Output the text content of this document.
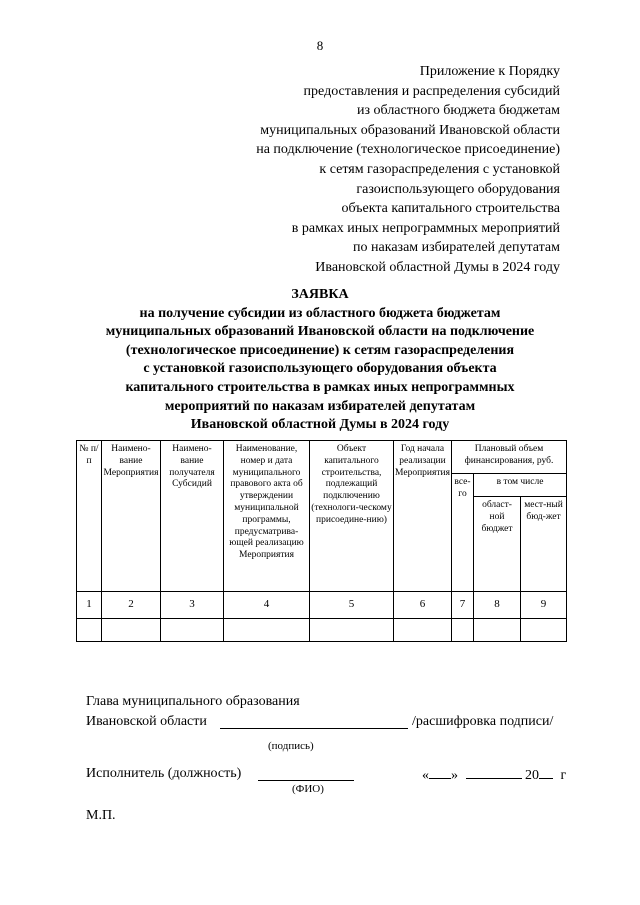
8
Приложение к Порядку
предоставления и распределения субсидий
из областного бюджета бюджетам
муниципальных образований Ивановской области
на подключение (технологическое присоединение)
к сетям газораспределения с установкой
газоиспользующего оборудования
объекта капитального строительства
в рамках иных непрограммных мероприятий
по наказам избирателей депутатам
Ивановской областной Думы в 2024 году
ЗАЯВКА
на получение субсидии из областного бюджета бюджетам
муниципальных образований Ивановской области на подключение
(технологическое присоединение) к сетям газораспределения
с установкой газоиспользующего оборудования объекта
капитального строительства в рамках иных непрограммных
мероприятий по наказам избирателей депутатам
Ивановской областной Думы в 2024 году
№ п/п	Наимено-вание Мероприятия	Наимено-вание получателя Субсидий	Наименование, номер и дата муниципального правового акта об утверждении муниципальной программы, предусматрива-ющей реализацию Мероприятия	Объект капитального строительства, подлежащий подключению (технологи-ческому присоедине-нию)	Год начала реализации Мероприятия	Плановый объем финансирования, руб.		
						все-го	в том числе	
							област-ной бюджет	мест-ный бюд-жет
1	2	3	4	5	6	7	8	9

Глава муниципального образования
Ивановской области	/расшифровка подписи/
(подпись)
Исполнитель (должность)	« »	20 г
(ФИО)
М.П.
